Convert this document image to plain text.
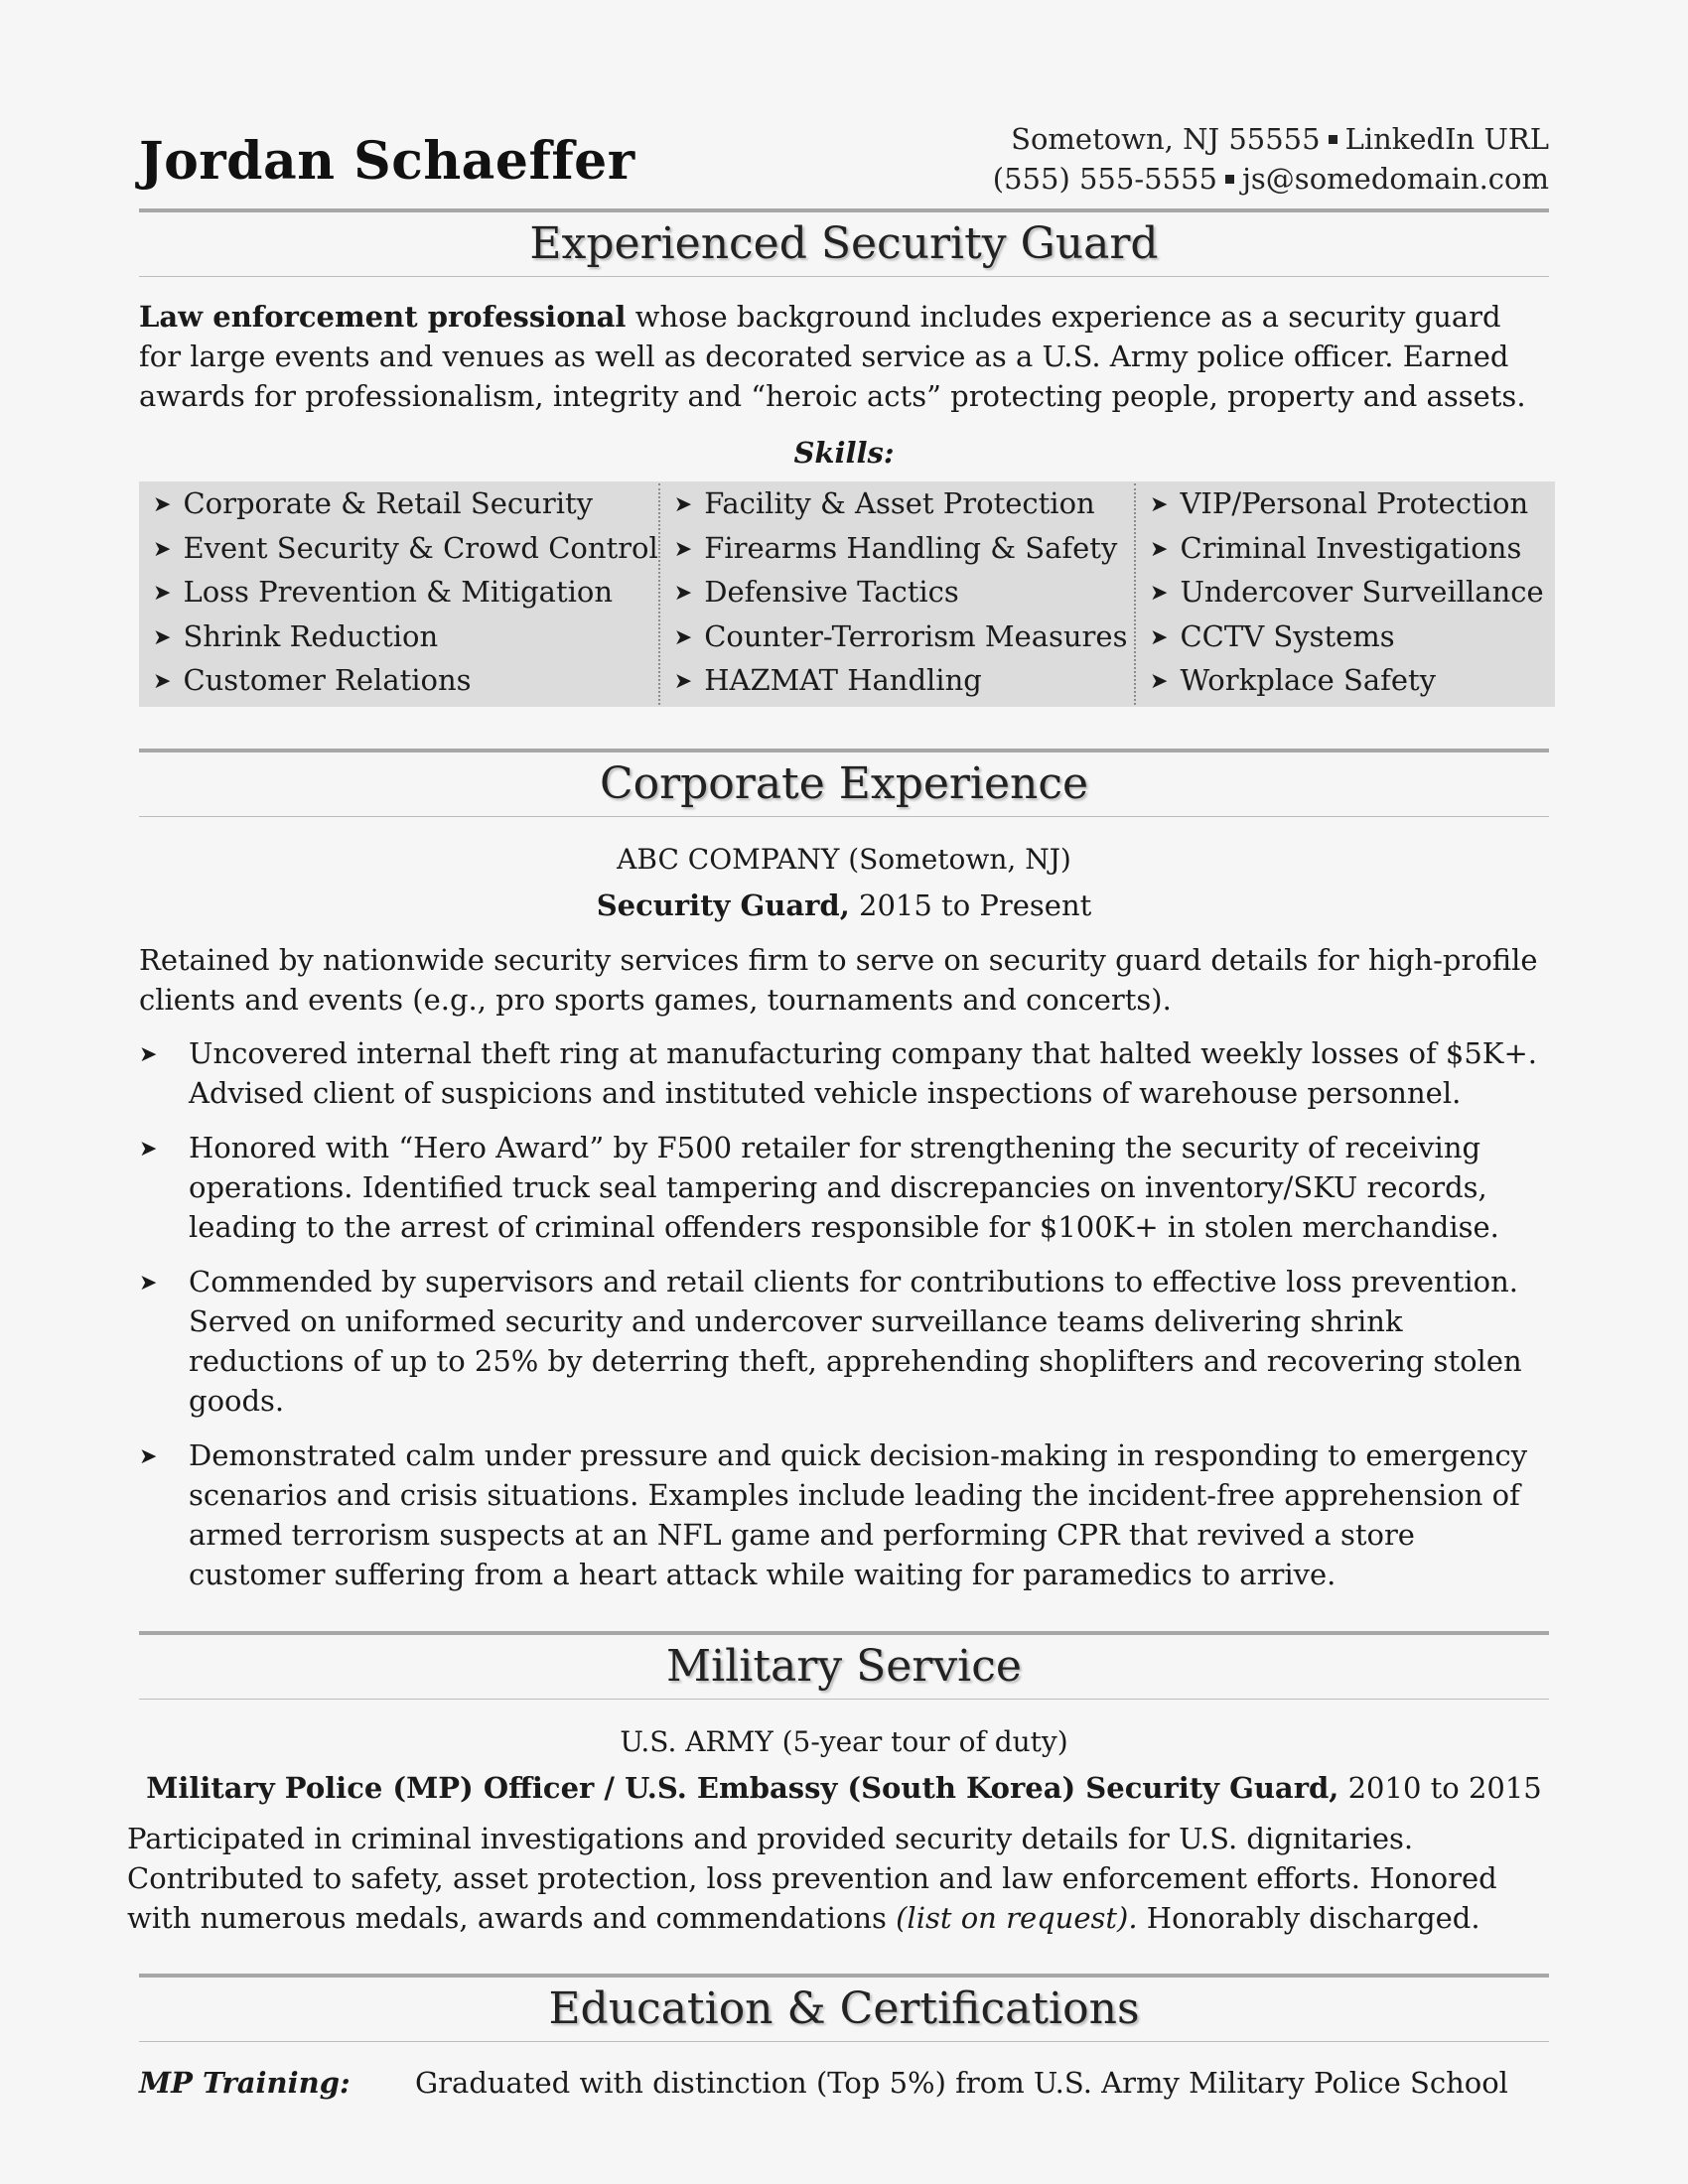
Jordan Schaeffer	Sometown, NJ 55555 LinkedIn URL
(555) 555-5555 js@somedomain.com
Experienced Security Guard

Law enforcement professional whose background includes experience as a security guard for large events and venues as well as decorated service as a U.S. Army police officer. Earned awards for professionalism, integrity and “heroic acts” protecting people, property and assets.

Skills:
➤ Corporate & Retail Security
➤ Event Security & Crowd Control
➤ Loss Prevention & Mitigation
➤ Shrink Reduction
➤ Customer Relations
➤ Facility & Asset Protection
➤ Firearms Handling & Safety
➤ Defensive Tactics
➤ Counter-Terrorism Measures
➤ HAZMAT Handling
➤ VIP/Personal Protection
➤ Criminal Investigations
➤ Undercover Surveillance
➤ CCTV Systems
➤ Workplace Safety
Corporate Experience
ABC COMPANY (Sometown, NJ)
Security Guard, 2015 to Present

Retained by nationwide security services firm to serve on security guard details for high-profile clients and events (e.g., pro sports games, tournaments and concerts).

➤ Uncovered internal theft ring at manufacturing company that halted weekly losses of $5K+. Advised client of suspicions and instituted vehicle inspections of warehouse personnel.
➤ Honored with “Hero Award” by F500 retailer for strengthening the security of receiving operations. Identified truck seal tampering and discrepancies on inventory/SKU records, leading to the arrest of criminal offenders responsible for $100K+ in stolen merchandise.
➤ Commended by supervisors and retail clients for contributions to effective loss prevention. Served on uniformed security and undercover surveillance teams delivering shrink reductions of up to 25% by deterring theft, apprehending shoplifters and recovering stolen goods.
➤ Demonstrated calm under pressure and quick decision-making in responding to emergency scenarios and crisis situations. Examples include leading the incident-free apprehension of armed terrorism suspects at an NFL game and performing CPR that revived a store customer suffering from a heart attack while waiting for paramedics to arrive.
Military Service
U.S. ARMY (5-year tour of duty)
Military Police (MP) Officer / U.S. Embassy (South Korea) Security Guard, 2010 to 2015

Participated in criminal investigations and provided security details for U.S. dignitaries. Contributed to safety, asset protection, loss prevention and law enforcement efforts. Honored with numerous medals, awards and commendations (list on request). Honorably discharged.

Education & Certifications
MP Training:	Graduated with distinction (Top 5%) from U.S. Army Military Police School
